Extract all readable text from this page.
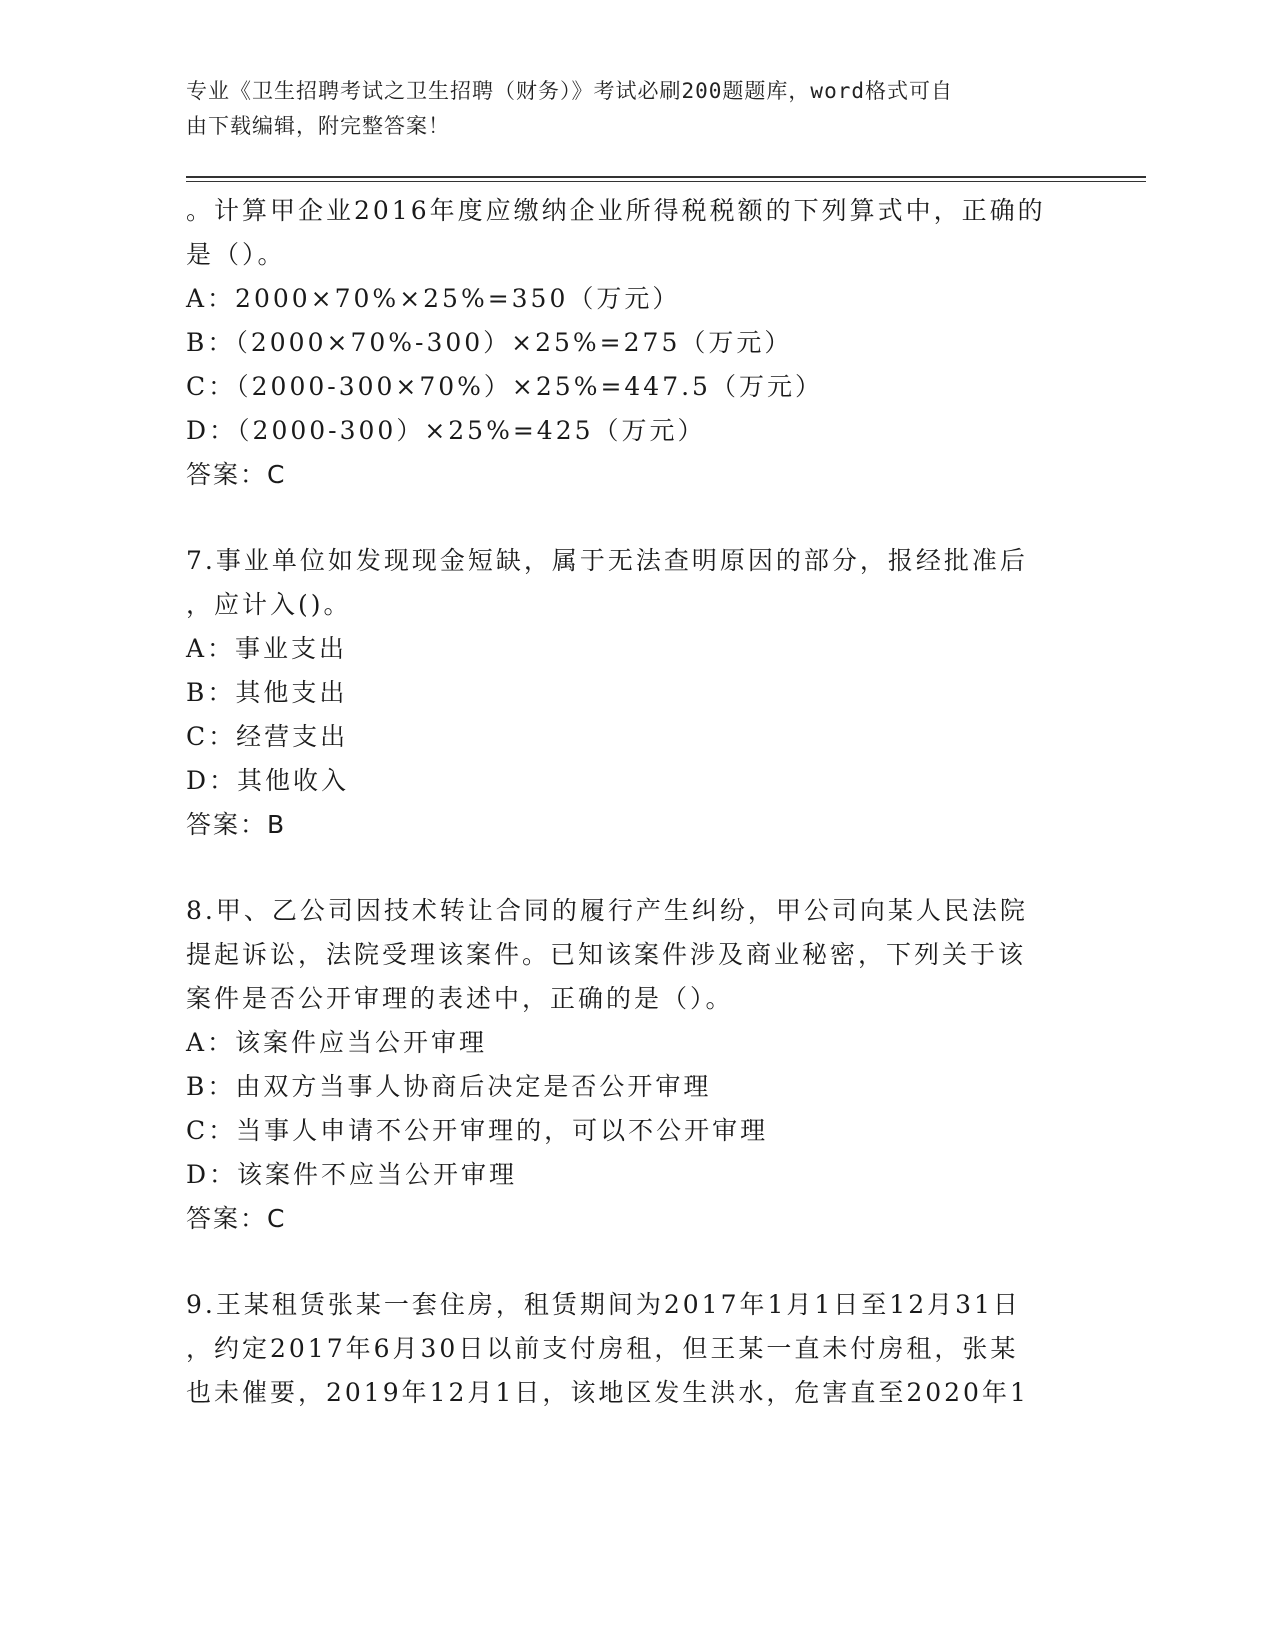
专业《卫生招聘考试之卫生招聘（财务）》考试必刷200题题库，word格式可自
由下载编辑，附完整答案！
。计算甲企业2016年度应缴纳企业所得税税额的下列算式中，正确的
是（）。
A：2000×70%×25%=350（万元）
B：（2000×70%-300）×25%=275（万元）
C：（2000-300×70%）×25%=447.5（万元）
D：（2000-300）×25%=425（万元）
答案：C
7.事业单位如发现现金短缺，属于无法查明原因的部分，报经批准后
，应计入()。
A：事业支出
B：其他支出
C：经营支出
D：其他收入
答案：B
8.甲、乙公司因技术转让合同的履行产生纠纷，甲公司向某人民法院
提起诉讼，法院受理该案件。已知该案件涉及商业秘密，下列关于该
案件是否公开审理的表述中，正确的是（）。
A：该案件应当公开审理
B：由双方当事人协商后决定是否公开审理
C：当事人申请不公开审理的，可以不公开审理
D：该案件不应当公开审理
答案：C
9.王某租赁张某一套住房，租赁期间为2017年1月1日至12月31日
，约定2017年6月30日以前支付房租，但王某一直未付房租，张某
也未催要，2019年12月1日，该地区发生洪水，危害直至2020年1
